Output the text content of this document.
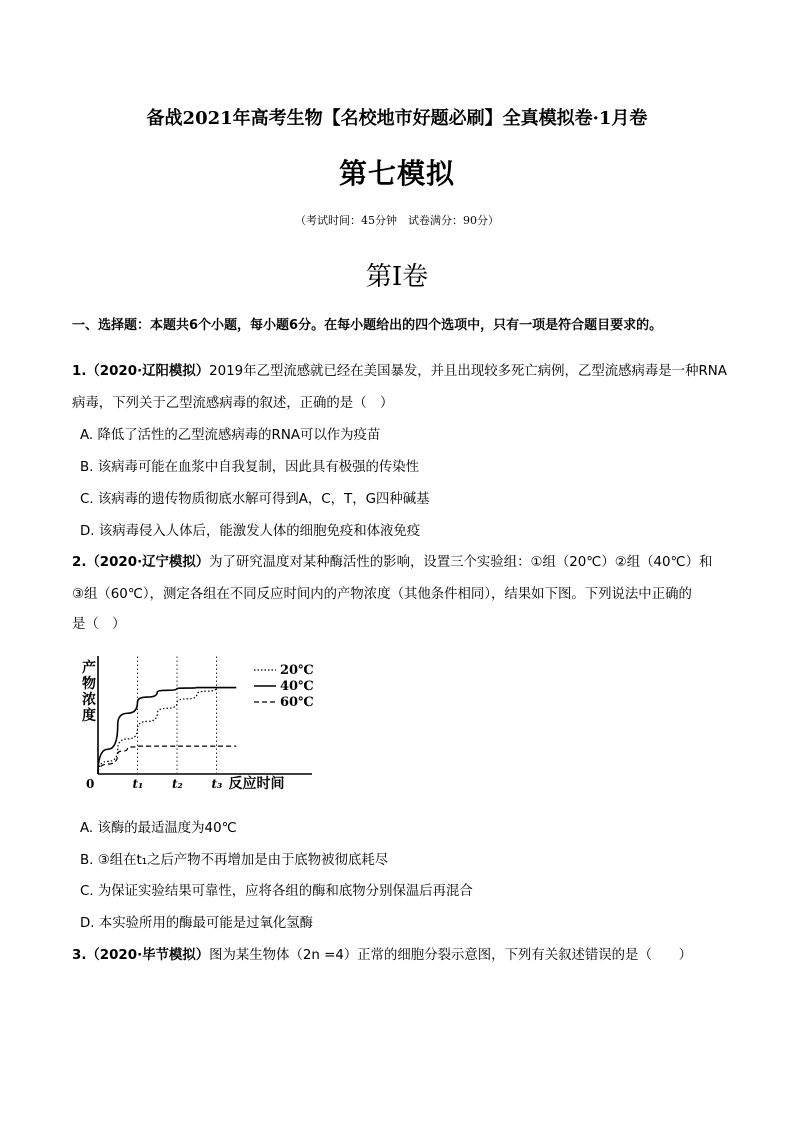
备战2021年高考生物【名校地市好题必刷】全真模拟卷·1月卷
第七模拟
（考试时间：45分钟　试卷满分：90分）
第Ⅰ卷
一、选择题：本题共6个小题，每小题6分。在每小题给出的四个选项中，只有一项是符合题目要求的。
1.（2020·辽阳模拟）2019年乙型流感就已经在美国暴发，并且出现较多死亡病例，乙型流感病毒是一种RNA
病毒，下列关于乙型流感病毒的叙述，正确的是（　）
A. 降低了活性的乙型流感病毒的RNA可以作为疫苗
B. 该病毒可能在血浆中自我复制，因此具有极强的传染性
C. 该病毒的遗传物质彻底水解可得到A，C，T，G四种碱基
D. 该病毒侵入人体后，能激发人体的细胞免疫和体液免疫
2.（2020·辽宁模拟）为了研究温度对某种酶活性的影响，设置三个实验组：①组（20℃）②组（40℃）和
③组（60℃），测定各组在不同反应时间内的产物浓度（其他条件相同），结果如下图。下列说法中正确的
是（　）
产 物 浓 度
0
20℃
40℃
60℃
t₁ t₂ t₃ 反应时间
A. 该酶的最适温度为40℃
B. ③组在t₁之后产物不再增加是由于底物被彻底耗尽
C. 为保证实验结果可靠性，应将各组的酶和底物分别保温后再混合
D. 本实验所用的酶最可能是过氧化氢酶
3.（2020·毕节模拟）图为某生物体（2n =4）正常的细胞分裂示意图，下列有关叙述错误的是（　　）
